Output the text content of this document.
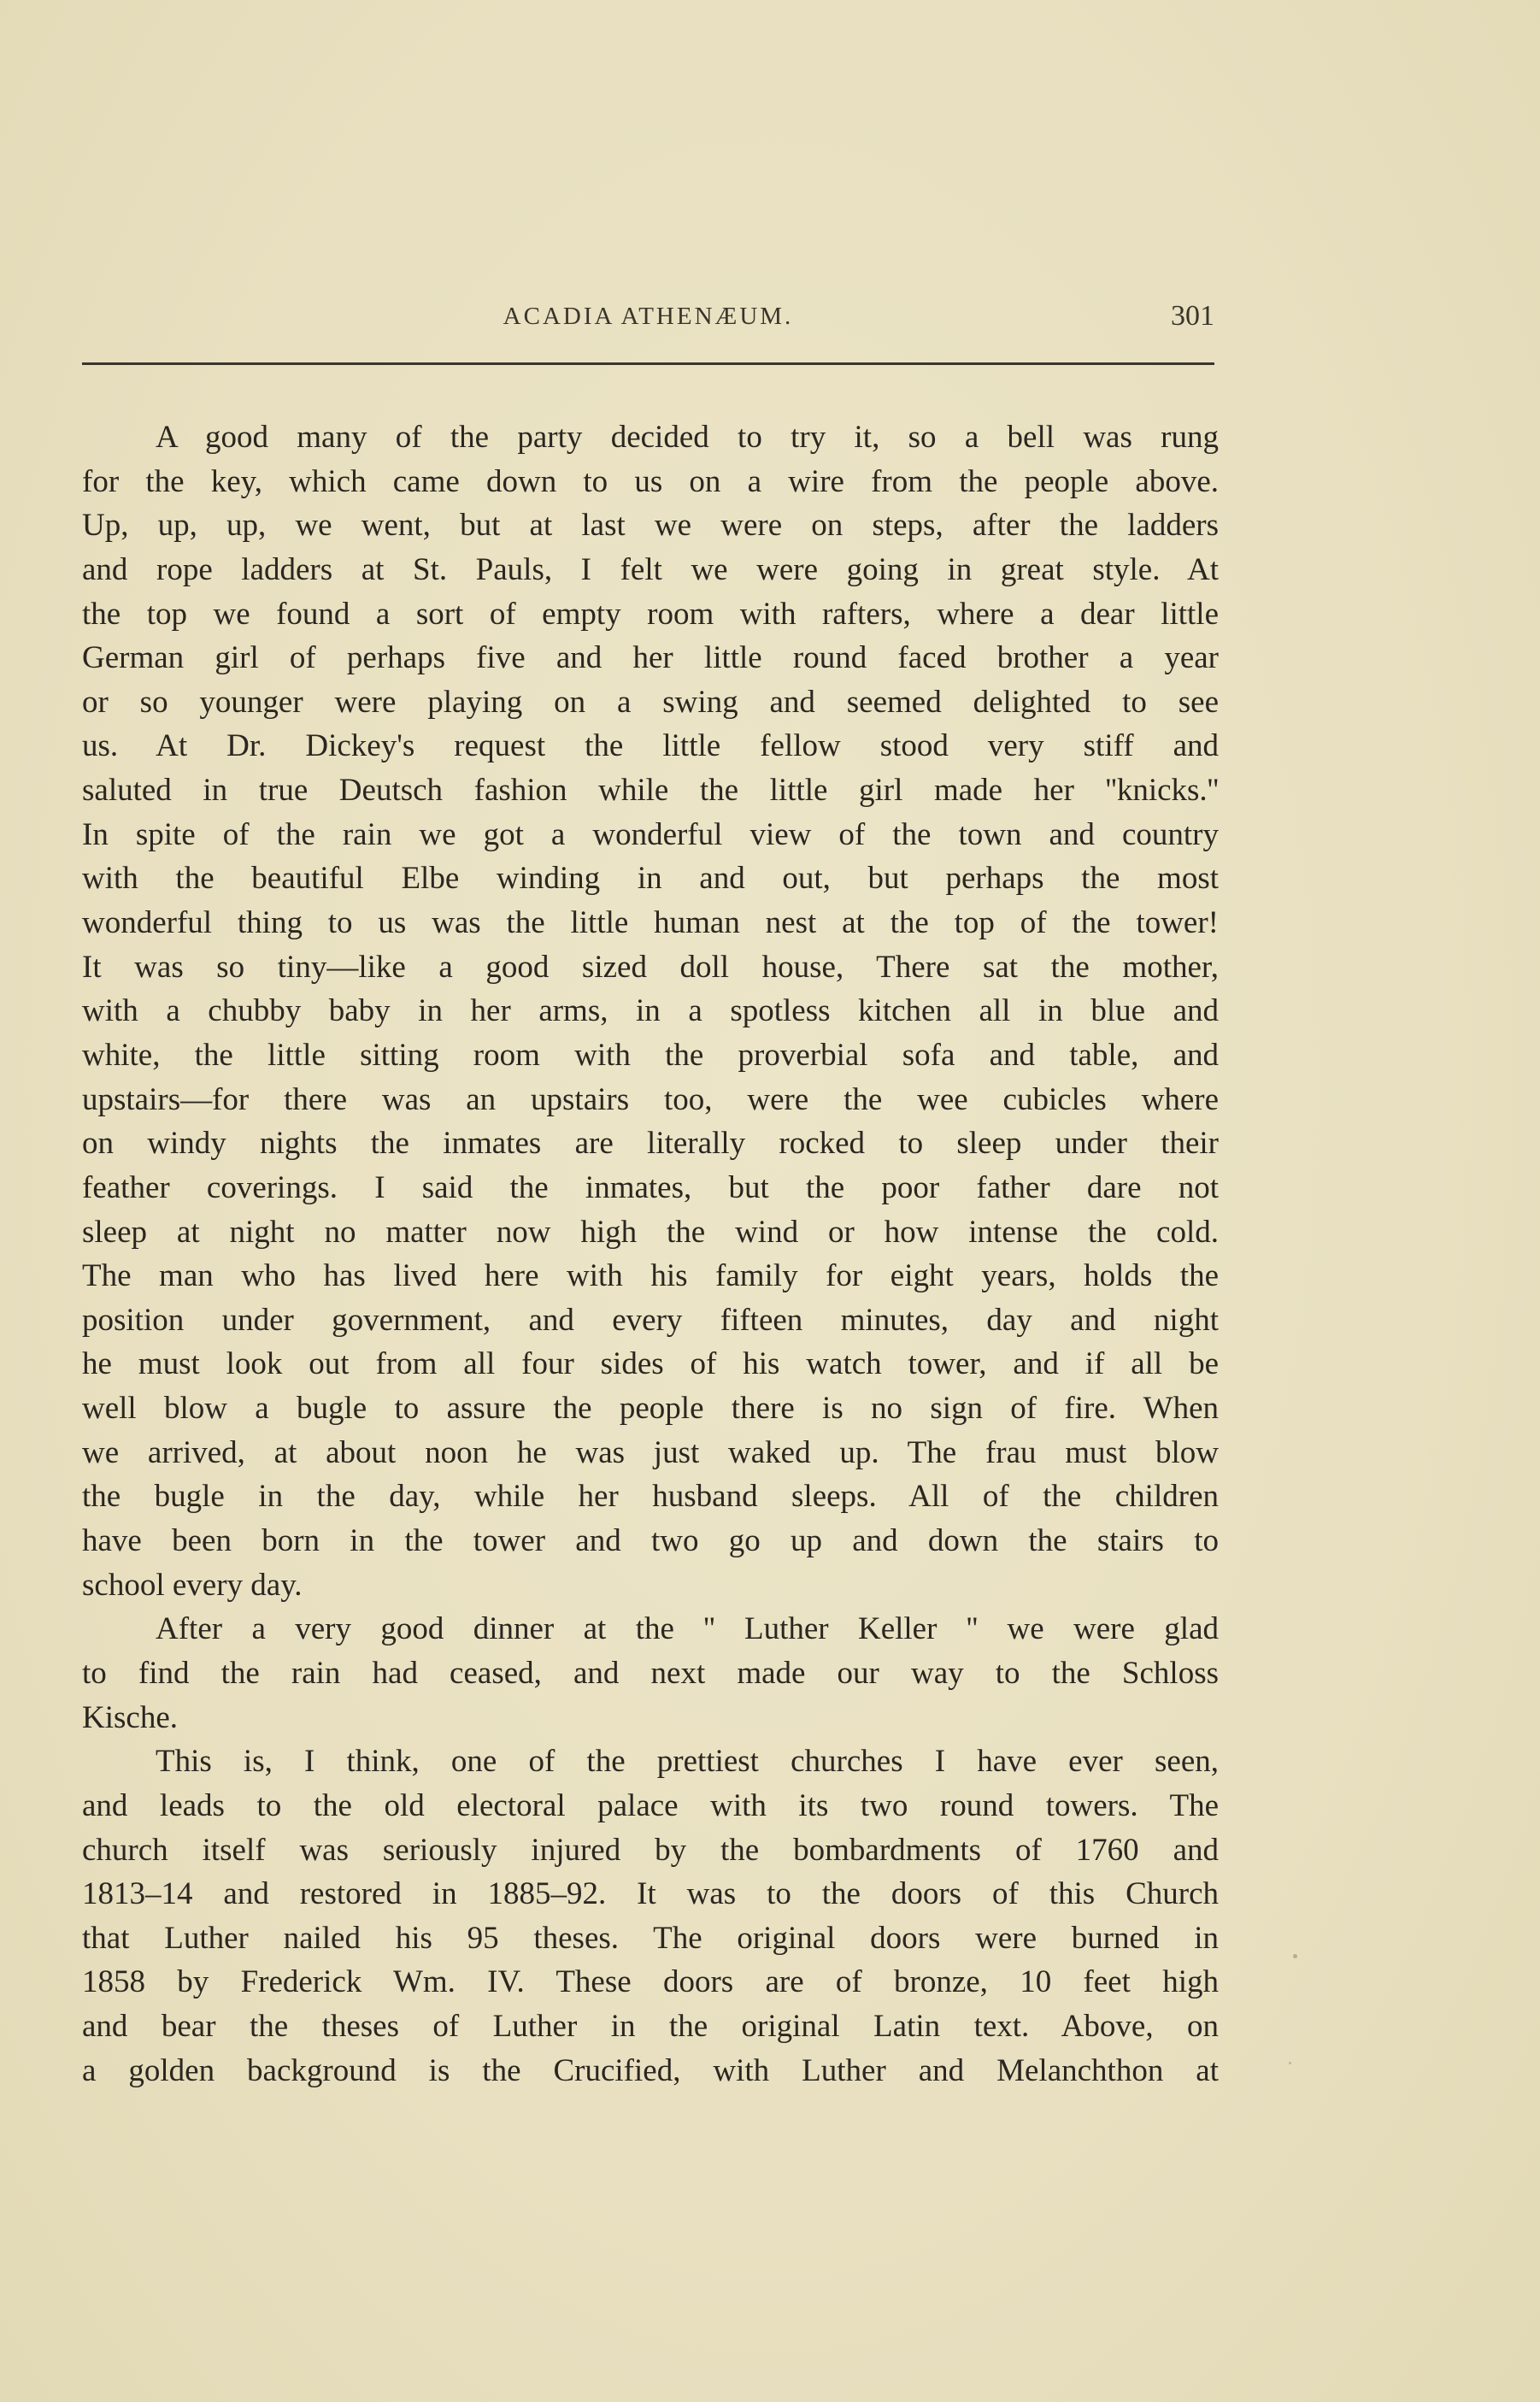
ACADIA ATHENÆUM.	301
A good many of the party decided to try it, so a bell was rung
for the key, which came down to us on a wire from the people above.
Up, up, up, we went, but at last we were on steps, after the ladders
and rope ladders at St. Pauls, I felt we were going in great style. At
the top we found a sort of empty room with rafters, where a dear little
German girl of perhaps five and her little round faced brother a year
or so younger were playing on a swing and seemed delighted to see
us. At Dr. Dickey's request the little fellow stood very stiff and
saluted in true Deutsch fashion while the little girl made her ''knicks.''
In spite of the rain we got a wonderful view of the town and country
with the beautiful Elbe winding in and out, but perhaps the most
wonderful thing to us was the little human nest at the top of the tower!
It was so tiny—like a good sized doll house, There sat the mother,
with a chubby baby in her arms, in a spotless kitchen all in blue and
white, the little sitting room with the proverbial sofa and table, and
upstairs—for there was an upstairs too, were the wee cubicles where
on windy nights the inmates are literally rocked to sleep under their
feather coverings. I said the inmates, but the poor father dare not
sleep at night no matter now high the wind or how intense the cold.
The man who has lived here with his family for eight years, holds the
position under government, and every fifteen minutes, day and night
he must look out from all four sides of his watch tower, and if all be
well blow a bugle to assure the people there is no sign of fire. When
we arrived, at about noon he was just waked up. The frau must blow
the bugle in the day, while her husband sleeps. All of the children
have been born in the tower and two go up and down the stairs to
school every day.
After a very good dinner at the '' Luther Keller '' we were glad
to find the rain had ceased, and next made our way to the Schloss
Kische.
This is, I think, one of the prettiest churches I have ever seen,
and leads to the old electoral palace with its two round towers. The
church itself was seriously injured by the bombardments of 1760 and
1813–14 and restored in 1885–92. It was to the doors of this Church
that Luther nailed his 95 theses. The original doors were burned in
1858 by Frederick Wm. IV. These doors are of bronze, 10 feet high
and bear the theses of Luther in the original Latin text. Above, on
a golden background is the Crucified, with Luther and Melanchthon at
